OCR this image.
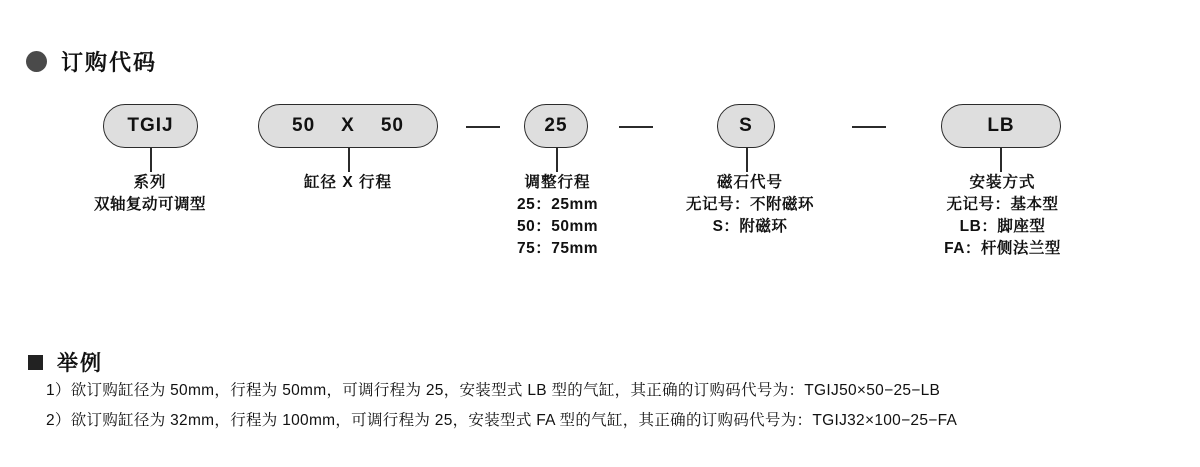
订购代码
TGIJ	50 X 50	25	S	LB
系列
双轴复动可调型
缸径 X 行程	调整行程
25：25mm
50：50mm
75：75mm
磁石代号
无记号：不附磁环
S：附磁环
安装方式
无记号：基本型
LB：脚座型
FA：杆侧法兰型
举例
1）欲订购缸径为 50mm，行程为 50mm，可调行程为 25，安装型式 LB 型的气缸，其正确的订购码代号为：TGIJ50×50−25−LB
2）欲订购缸径为 32mm，行程为 100mm，可调行程为 25，安装型式 FA 型的气缸，其正确的订购码代号为：TGIJ32×100−25−FA
